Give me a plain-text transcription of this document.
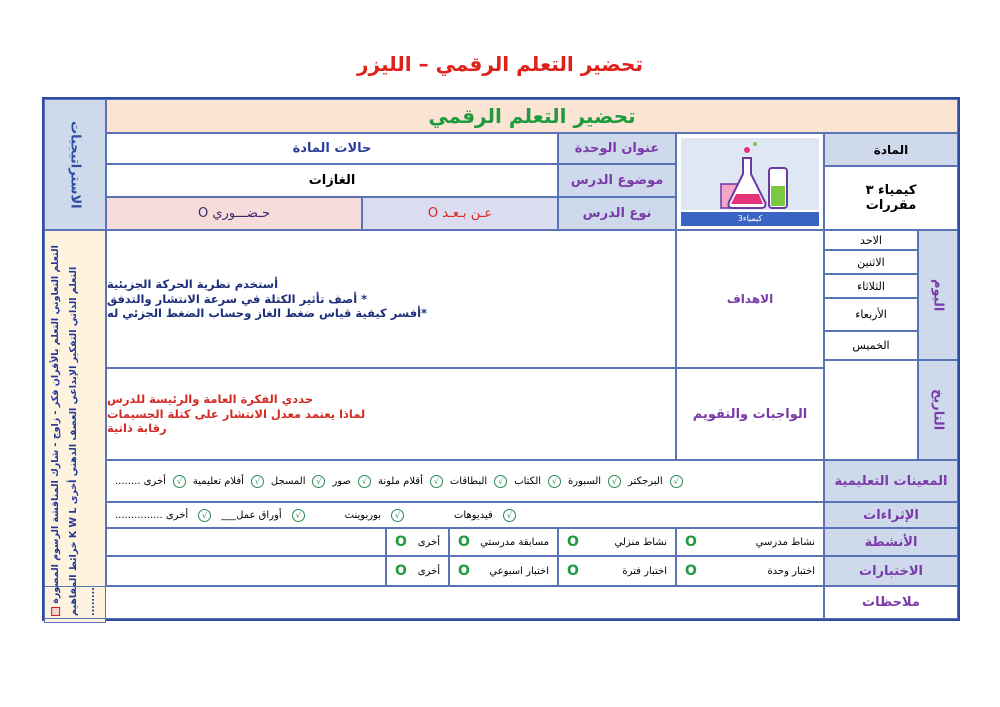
تحضير التعلم الرقمي – الليزر
تحضير التعلم الرقمي
الاستراتيجيات
التعلم التعاوني التعلم بالأقران فكر - زاوج - شارك المناقشة الرسوم المصورة خرائط المفاهيم K W L التعلم الذاتي التفكير الإبداعي العصف الذهني أخرى ........
المادة
كيمياء ٣
مقررات
كيمياء3
عنوان الوحدة
حالات المادة
موضوع الدرس
الغازات
نوع الدرس
عـن بـعـد O
حـضـــوري O
اليوم
التاريخ
الاحد
الاثنين
الثلاثاء
الأربعاء
الخميس
الاهداف
أستخدم نظرية الحركة الجزيئية
* أصف تأثير الكتلة في سرعة الانتشار والتدفق
*أفسر كيفية قياس ضغط الغاز وحساب الضغط الجزئي له
الواجبات والتقويم
حددي الفكرة العامة والرئيسة للدرس
لماذا يعتمد معدل الانتشار على كتلة الجسيمات
رقابة ذاتية
المعينات التعليمية
√
البرجكتر
√
السبورة
√
الكتاب
√
البطاقات
√
أقلام ملونة
√
صور
√
المسجل
√
أفلام تعليمية
√
أخرى ........
الإثراءات
√
فيديوهات
√
بوربوينت
√
أوراق عمل___
√
أخرى ...............
الأنشطة
نشاط مدرسي
O
نشاط منزلي
O
مسابقة مدرستي
O
أخرى
O
الاختبارات
اختبار وحدة
O
اختبار فترة
O
اختبار اسبوعي
O
أخرى
O
ملاحظات
